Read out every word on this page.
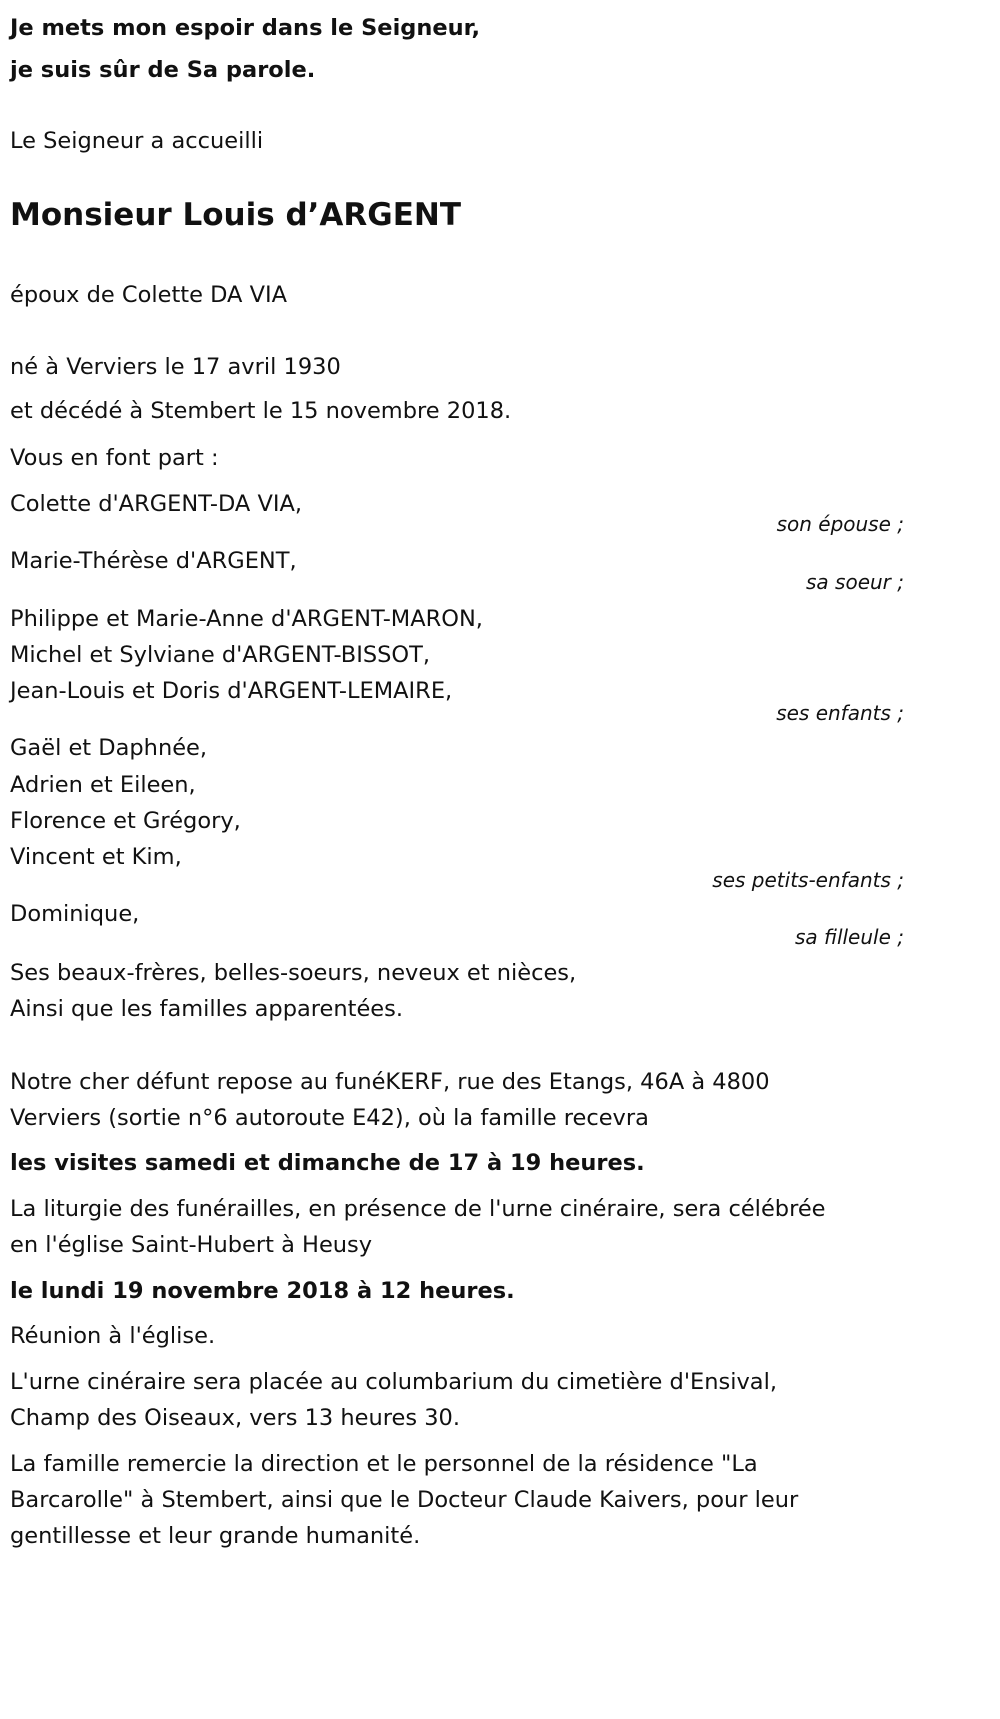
Je mets mon espoir dans le Seigneur,
je suis sûr de Sa parole.
Le Seigneur a accueilli
Monsieur Louis d’ARGENT
époux de Colette DA VIA
né à Verviers le 17 avril 1930
et décédé à Stembert le 15 novembre 2018.
Vous en font part :
Colette d'ARGENT-DA VIA,
son épouse ;
Marie-Thérèse d'ARGENT,
sa soeur ;
Philippe et Marie-Anne d'ARGENT-MARON,
Michel et Sylviane d'ARGENT-BISSOT,
Jean-Louis et Doris d'ARGENT-LEMAIRE,
ses enfants ;
Gaël et Daphnée,
Adrien et Eileen,
Florence et Grégory,
Vincent et Kim,
ses petits-enfants ;
Dominique,
sa filleule ;
Ses beaux-frères, belles-soeurs, neveux et nièces,
Ainsi que les familles apparentées.
Notre cher défunt repose au funéKERF, rue des Etangs, 46A à 4800
Verviers (sortie n°6 autoroute E42), où la famille recevra
les visites samedi et dimanche de 17 à 19 heures.
La liturgie des funérailles, en présence de l'urne cinéraire, sera célébrée
en l'église Saint-Hubert à Heusy
le lundi 19 novembre 2018 à 12 heures.
Réunion à l'église.
L'urne cinéraire sera placée au columbarium du cimetière d'Ensival,
Champ des Oiseaux, vers 13 heures 30.
La famille remercie la direction et le personnel de la résidence "La
Barcarolle" à Stembert, ainsi que le Docteur Claude Kaivers, pour leur
gentillesse et leur grande humanité.
